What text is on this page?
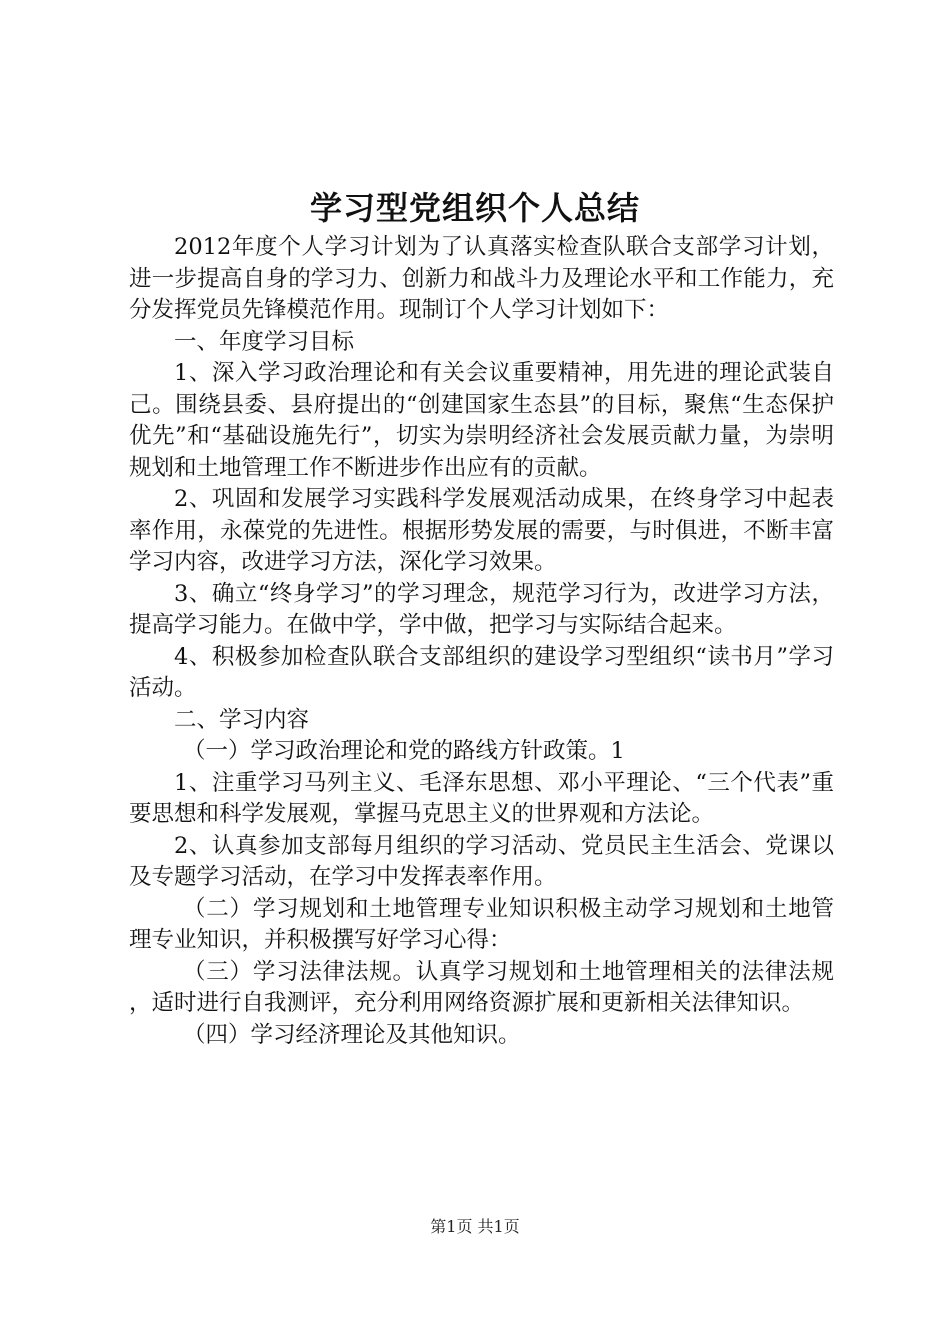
学习型党组织个人总结

2012年度个人学习计划为了认真落实检查队联合支部学习计划，进一步提高自身的学习力、创新力和战斗力及理论水平和工作能力，充分发挥党员先锋模范作用。现制订个人学习计划如下：

一、年度学习目标

1、深入学习政治理论和有关会议重要精神，用先进的理论武装自己。围绕县委、县府提出的“创建国家生态县”的目标，聚焦“生态保护优先”和“基础设施先行”，切实为崇明经济社会发展贡献力量，为崇明规划和土地管理工作不断进步作出应有的贡献。

2、巩固和发展学习实践科学发展观活动成果，在终身学习中起表率作用，永葆党的先进性。根据形势发展的需要，与时俱进，不断丰富学习内容，改进学习方法，深化学习效果。

3、确立“终身学习”的学习理念，规范学习行为，改进学习方法，提高学习能力。在做中学，学中做，把学习与实际结合起来。

4、积极参加检查队联合支部组织的建设学习型组织“读书月”学习活动。

二、学习内容

（一）学习政治理论和党的路线方针政策。1

1、注重学习马列主义、毛泽东思想、邓小平理论、“三个代表”重要思想和科学发展观，掌握马克思主义的世界观和方法论。

2、认真参加支部每月组织的学习活动、党员民主生活会、党课以及专题学习活动，在学习中发挥表率作用。

（二）学习规划和土地管理专业知识积极主动学习规划和土地管理专业知识，并积极撰写好学习心得：

（三）学习法律法规。认真学习规划和土地管理相关的法律法规，适时进行自我测评，充分利用网络资源扩展和更新相关法律知识。

（四）学习经济理论及其他知识。

第1页 共1页
